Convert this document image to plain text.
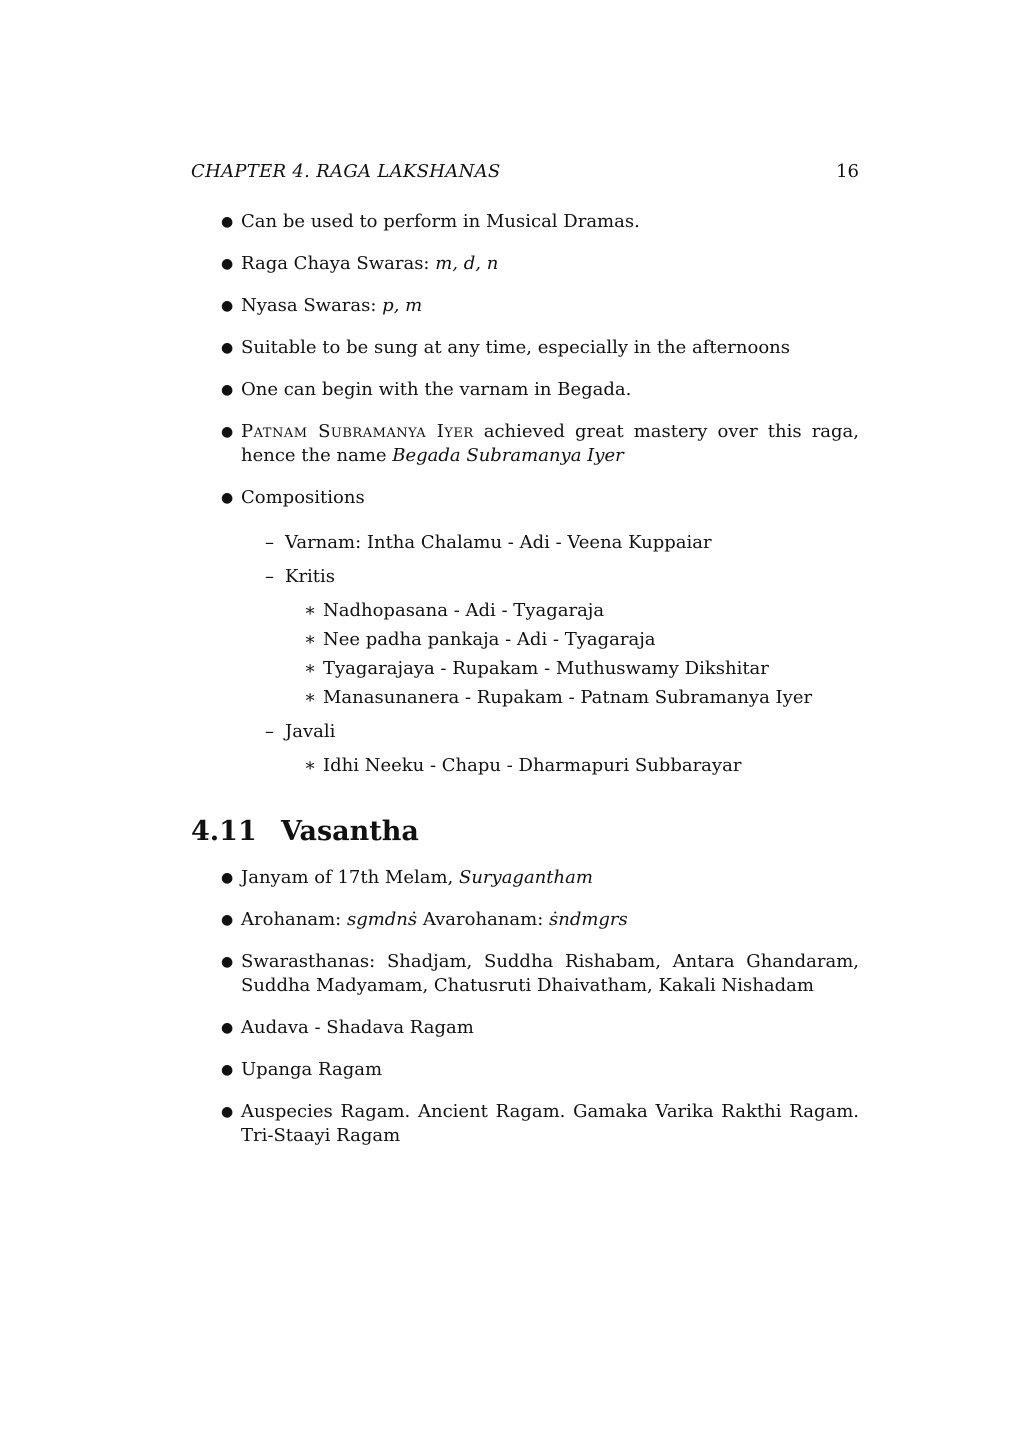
CHAPTER 4. RAGA LAKSHANAS	16
● Can be used to perform in Musical Dramas.
● Raga Chaya Swaras: m, d, n
● Nyasa Swaras: p, m
● Suitable to be sung at any time, especially in the afternoons
● One can begin with the varnam in Begada.
● Patnam Subramanya Iyer achieved great mastery over this raga, hence the name Begada Subramanya Iyer
● Compositions
– Varnam: Intha Chalamu - Adi - Veena Kuppaiar
– Kritis
∗ Nadhopasana - Adi - Tyagaraja
∗ Nee padha pankaja - Adi - Tyagaraja
∗ Tyagarajaya - Rupakam - Muthuswamy Dikshitar
∗ Manasunanera - Rupakam - Patnam Subramanya Iyer
– Javali
∗ Idhi Neeku - Chapu - Dharmapuri Subbarayar
4.11 Vasantha
● Janyam of 17th Melam, Suryagantham
● Arohanam: sgmdnṡ Avarohanam: ṡndmgrs
● Swarasthanas: Shadjam, Suddha Rishabam, Antara Ghandaram, Suddha Madyamam, Chatusruti Dhaivatham, Kakali Nishadam
● Audava - Shadava Ragam
● Upanga Ragam
● Auspecies Ragam. Ancient Ragam. Gamaka Varika Rakthi Ragam. Tri-Staayi Ragam
